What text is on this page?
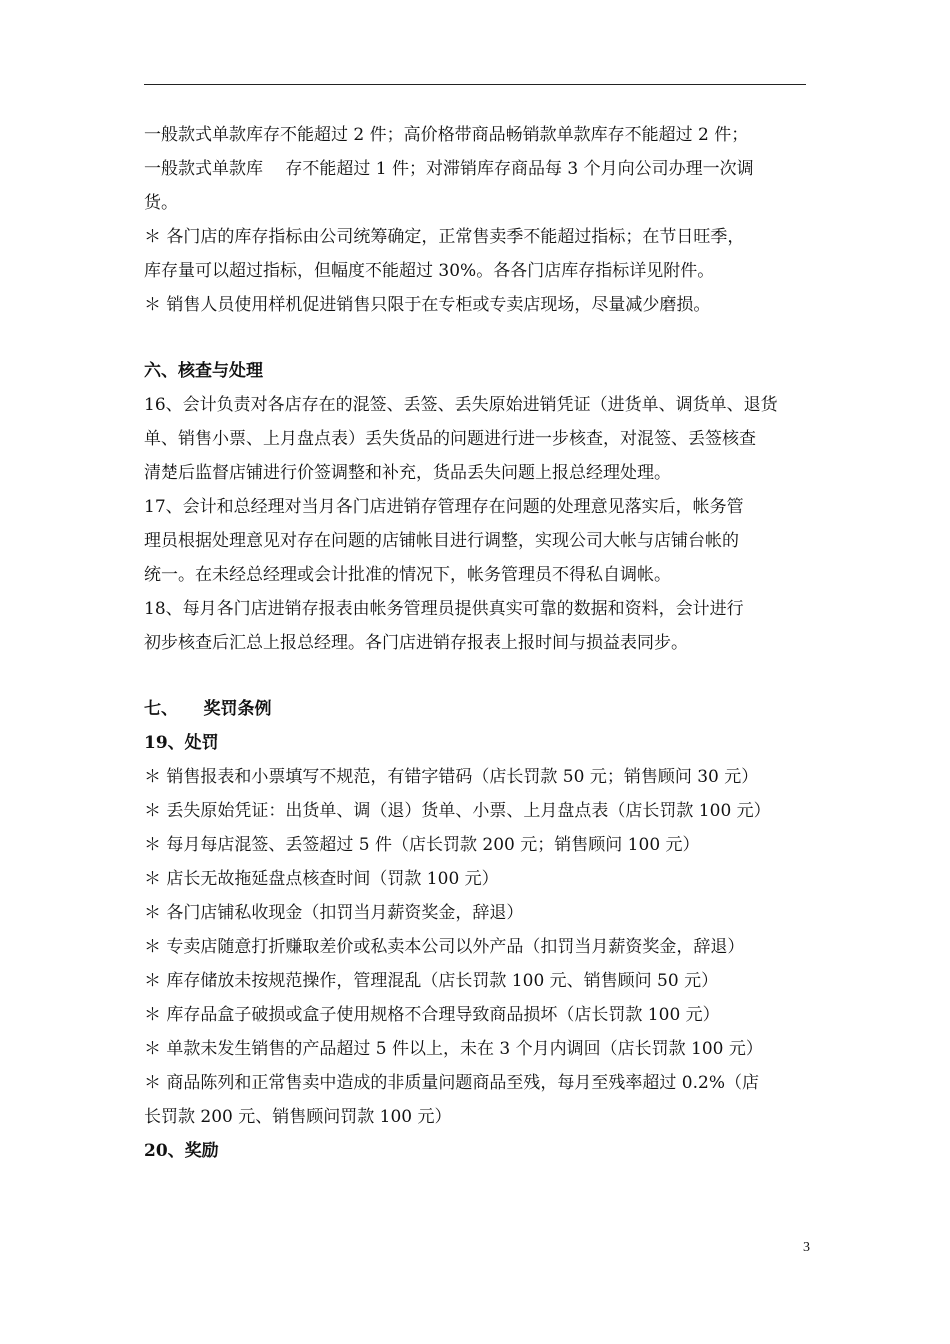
一般款式单款库存不能超过 2 件；高价格带商品畅销款单款库存不能超过 2 件；
一般款式单款库　 存不能超过 1 件；对滞销库存商品每 3 个月向公司办理一次调
货。
＊ 各门店的库存指标由公司统筹确定，正常售卖季不能超过指标；在节日旺季，
库存量可以超过指标，但幅度不能超过 30%。各各门店库存指标详见附件。
＊ 销售人员使用样机促进销售只限于在专柜或专卖店现场，尽量减少磨损。
六、核查与处理
16、会计负责对各店存在的混签、丢签、丢失原始进销凭证（进货单、调货单、退货
单、销售小票、上月盘点表）丢失货品的问题进行进一步核查，对混签、丢签核查
清楚后监督店铺进行价签调整和补充，货品丢失问题上报总经理处理。
17、会计和总经理对当月各门店进销存管理存在问题的处理意见落实后，帐务管
理员根据处理意见对存在问题的店铺帐目进行调整，实现公司大帐与店铺台帐的
统一。在未经总经理或会计批准的情况下，帐务管理员不得私自调帐。
18、每月各门店进销存报表由帐务管理员提供真实可靠的数据和资料，会计进行
初步核查后汇总上报总经理。各门店进销存报表上报时间与损益表同步。
七、　　奖罚条例
19、处罚
＊ 销售报表和小票填写不规范，有错字错码（店长罚款 50 元；销售顾问 30 元）
＊ 丢失原始凭证：出货单、调（退）货单、小票、上月盘点表（店长罚款 100 元）
＊ 每月每店混签、丢签超过 5 件（店长罚款 200 元；销售顾问 100 元）
＊ 店长无故拖延盘点核查时间（罚款 100 元）
＊ 各门店铺私收现金（扣罚当月薪资奖金，辞退）
＊ 专卖店随意打折赚取差价或私卖本公司以外产品（扣罚当月薪资奖金，辞退）
＊ 库存储放未按规范操作，管理混乱（店长罚款 100 元、销售顾问 50 元）
＊ 库存品盒子破损或盒子使用规格不合理导致商品损坏（店长罚款 100 元）
＊ 单款未发生销售的产品超过 5 件以上，未在 3 个月内调回（店长罚款 100 元）
＊ 商品陈列和正常售卖中造成的非质量问题商品至残，每月至残率超过 0.2%（店
长罚款 200 元、销售顾问罚款 100 元）
20、奖励
3
